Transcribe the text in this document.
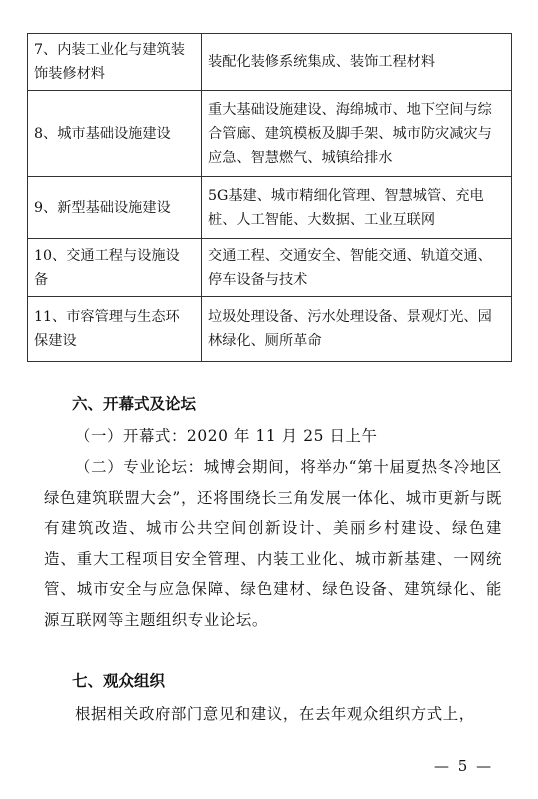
7、内装工业化与建筑装饰装修材料	装配化装修系统集成、装饰工程材料
8、城市基础设施建设	重大基础设施建设、海绵城市、地下空间与综合管廊、建筑模板及脚手架、城市防灾减灾与应急、智慧燃气、城镇给排水
9、新型基础设施建设	5G基建、城市精细化管理、智慧城管、充电桩、人工智能、大数据、工业互联网
10、交通工程与设施设备	交通工程、交通安全、智能交通、轨道交通、停车设备与技术
11、市容管理与生态环保建设	垃圾处理设备、污水处理设备、景观灯光、园林绿化、厕所革命
六、开幕式及论坛
（一）开幕式：2020 年 11 月 25 日上午
（二）专业论坛：城博会期间，将举办“第十届夏热冬冷地区绿色建筑联盟大会”，还将围绕长三角发展一体化、城市更新与既有建筑改造、城市公共空间创新设计、美丽乡村建设、绿色建造、重大工程项目安全管理、内装工业化、城市新基建、一网统管、城市安全与应急保障、绿色建材、绿色设备、建筑绿化、能源互联网等主题组织专业论坛。
七、观众组织
根据相关政府部门意见和建议，在去年观众组织方式上，
— 5 —
